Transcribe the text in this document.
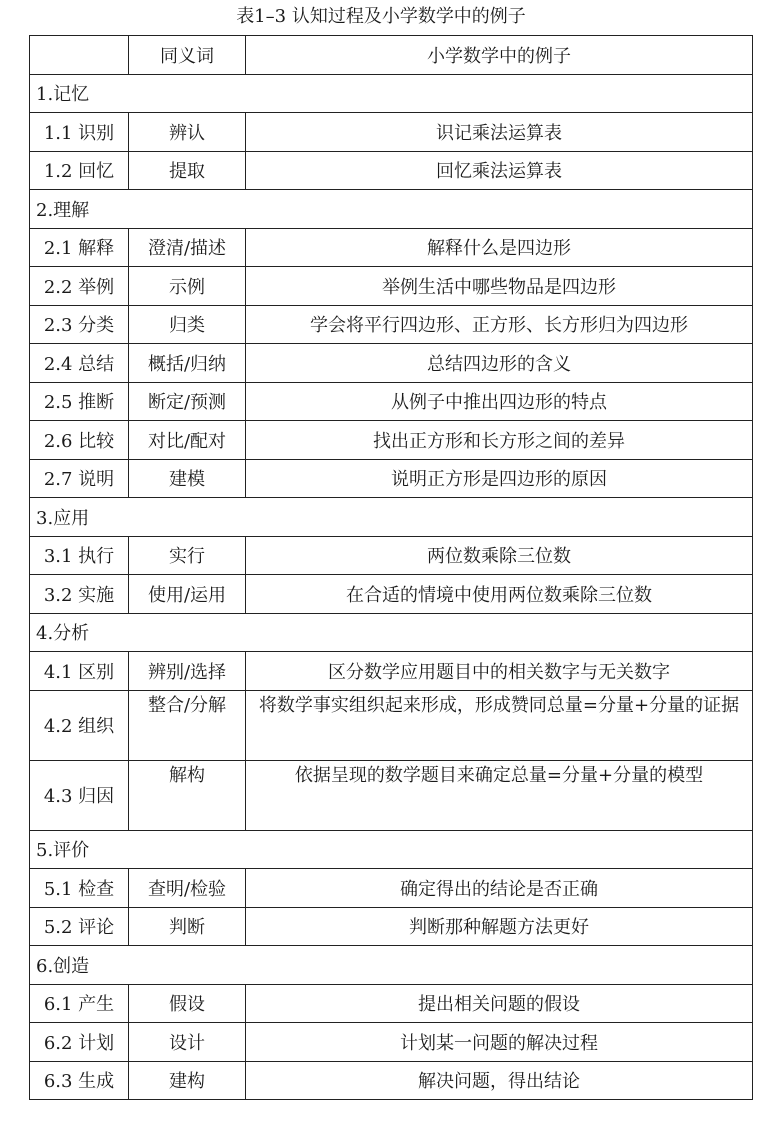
表1–3 认知过程及小学数学中的例子
	同义词	小学数学中的例子
1.记忆		
1.1 识别	辨认	识记乘法运算表
1.2 回忆	提取	回忆乘法运算表
2.理解		
2.1 解释	澄清/描述	解释什么是四边形
2.2 举例	示例	举例生活中哪些物品是四边形
2.3 分类	归类	学会将平行四边形、正方形、长方形归为四边形
2.4 总结	概括/归纳	总结四边形的含义
2.5 推断	断定/预测	从例子中推出四边形的特点
2.6 比较	对比/配对	找出正方形和长方形之间的差异
2.7 说明	建模	说明正方形是四边形的原因
3.应用		
3.1 执行	实行	两位数乘除三位数
3.2 实施	使用/运用	在合适的情境中使用两位数乘除三位数
4.分析		
4.1 区别	辨别/选择	区分数学应用题目中的相关数字与无关数字
4.2 组织	整合/分解	将数学事实组织起来形成，形成赞同总量=分量+分量的证据
4.3 归因	解构	依据呈现的数学题目来确定总量=分量+分量的模型
5.评价		
5.1 检查	查明/检验	确定得出的结论是否正确
5.2 评论	判断	判断那种解题方法更好
6.创造		
6.1 产生	假设	提出相关问题的假设
6.2 计划	设计	计划某一问题的解决过程
6.3 生成	建构	解决问题，得出结论
